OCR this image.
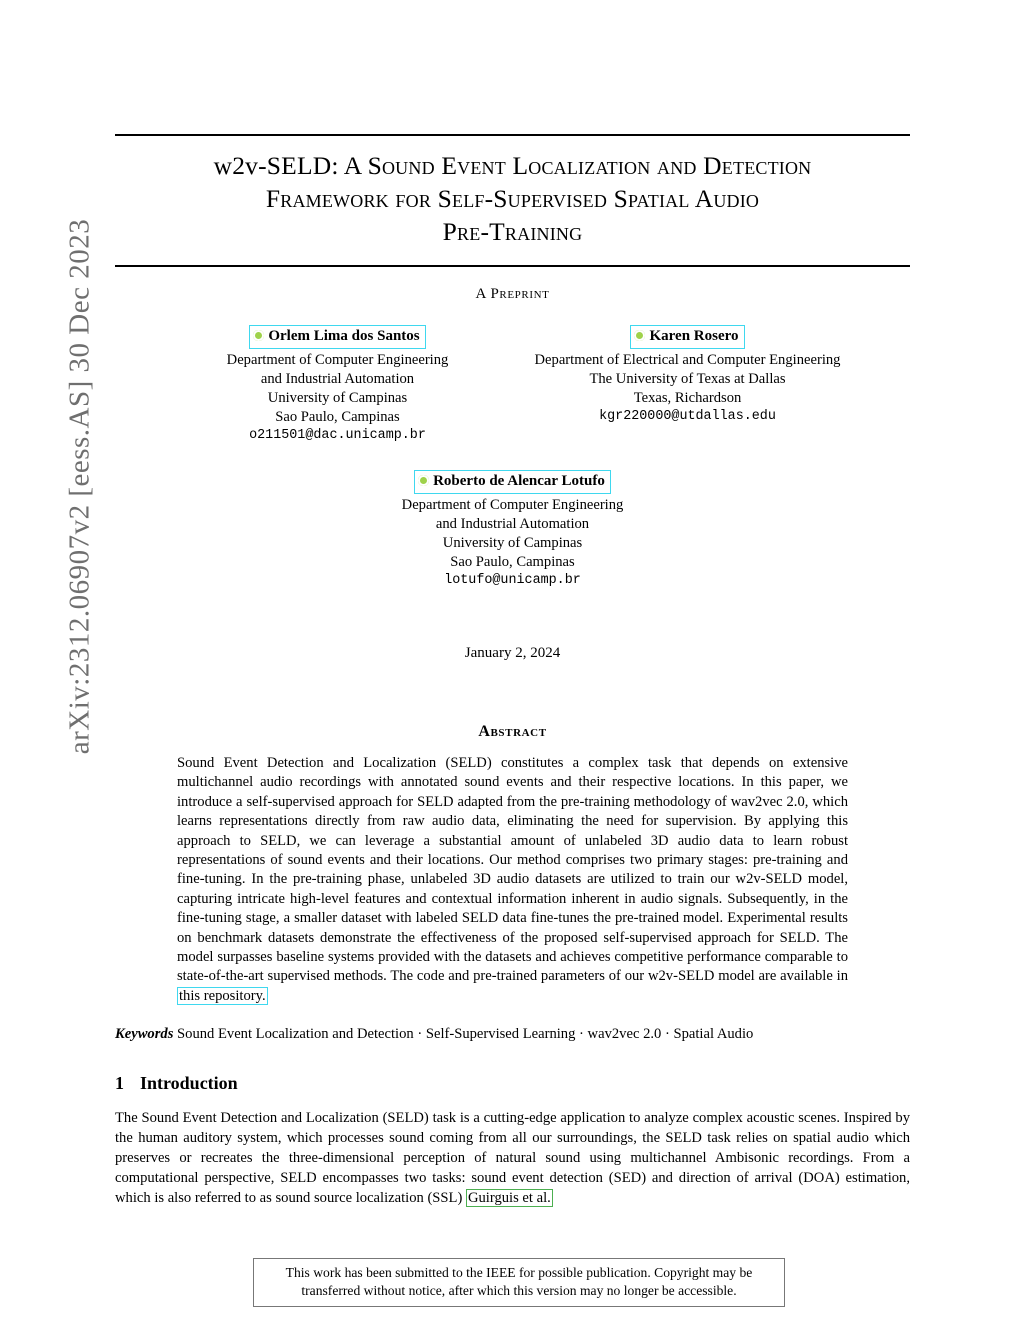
arXiv:2312.06907v2 [eess.AS] 30 Dec 2023
w2v-SELD: A Sound Event Localization and Detection
Framework for Self-Supervised Spatial Audio
Pre-Training
A Preprint
Orlem Lima dos Santos
Department of Computer Engineering
and Industrial Automation
University of Campinas
Sao Paulo, Campinas
o211501@dac.unicamp.br
Karen Rosero
Department of Electrical and Computer Engineering
The University of Texas at Dallas
Texas, Richardson
kgr220000@utdallas.edu
Roberto de Alencar Lotufo
Department of Computer Engineering
and Industrial Automation
University of Campinas
Sao Paulo, Campinas
lotufo@unicamp.br
January 2, 2024
Abstract
Sound Event Detection and Localization (SELD) constitutes a complex task that depends on extensive multichannel audio recordings with annotated sound events and their respective locations. In this paper, we introduce a self-supervised approach for SELD adapted from the pre-training methodology of wav2vec 2.0, which learns representations directly from raw audio data, eliminating the need for supervision. By applying this approach to SELD, we can leverage a substantial amount of unlabeled 3D audio data to learn robust representations of sound events and their locations. Our method comprises two primary stages: pre-training and fine-tuning. In the pre-training phase, unlabeled 3D audio datasets are utilized to train our w2v-SELD model, capturing intricate high-level features and contextual information inherent in audio signals. Subsequently, in the fine-tuning stage, a smaller dataset with labeled SELD data fine-tunes the pre-trained model. Experimental results on benchmark datasets demonstrate the effectiveness of the proposed self-supervised approach for SELD. The model surpasses baseline systems provided with the datasets and achieves competitive performance comparable to state-of-the-art supervised methods. The code and pre-trained parameters of our w2v-SELD model are available in this repository.
Keywords Sound Event Localization and Detection · Self-Supervised Learning · wav2vec 2.0 · Spatial Audio
1 Introduction
The Sound Event Detection and Localization (SELD) task is a cutting-edge application to analyze complex acoustic scenes. Inspired by the human auditory system, which processes sound coming from all our surroundings, the SELD task relies on spatial audio which preserves or recreates the three-dimensional perception of natural sound using multichannel Ambisonic recordings. From a computational perspective, SELD encompasses two tasks: sound event detection (SED) and direction of arrival (DOA) estimation, which is also referred to as sound source localization (SSL) Guirguis et al.
This work has been submitted to the IEEE for possible publication. Copyright may be transferred without notice, after which this version may no longer be accessible.
